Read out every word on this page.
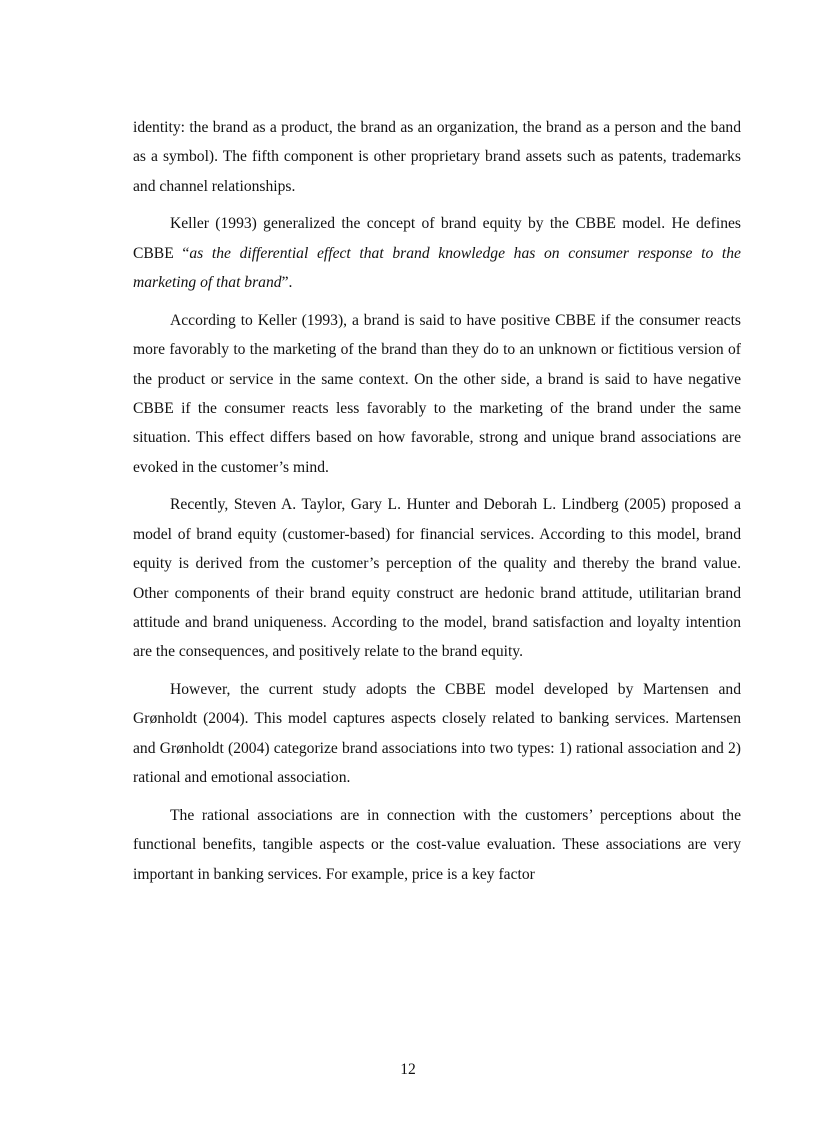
identity: the brand as a product, the brand as an organization, the brand as a person and the band as a symbol). The fifth component is other proprietary brand assets such as patents, trademarks and channel relationships.

Keller (1993) generalized the concept of brand equity by the CBBE model. He defines CBBE “as the differential effect that brand knowledge has on consumer response to the marketing of that brand”.

According to Keller (1993), a brand is said to have positive CBBE if the consumer reacts more favorably to the marketing of the brand than they do to an unknown or fictitious version of the product or service in the same context. On the other side, a brand is said to have negative CBBE if the consumer reacts less favorably to the marketing of the brand under the same situation. This effect differs based on how favorable, strong and unique brand associations are evoked in the customer’s mind.

Recently, Steven A. Taylor, Gary L. Hunter and Deborah L. Lindberg (2005) proposed a model of brand equity (customer-based) for financial services. According to this model, brand equity is derived from the customer’s perception of the quality and thereby the brand value. Other components of their brand equity construct are hedonic brand attitude, utilitarian brand attitude and brand uniqueness. According to the model, brand satisfaction and loyalty intention are the consequences, and positively relate to the brand equity.

However, the current study adopts the CBBE model developed by Martensen and Grønholdt (2004). This model captures aspects closely related to banking services. Martensen and Grønholdt (2004) categorize brand associations into two types: 1) rational association and 2) rational and emotional association.

The rational associations are in connection with the customers’ perceptions about the functional benefits, tangible aspects or the cost-value evaluation. These associations are very important in banking services. For example, price is a key factor

12
